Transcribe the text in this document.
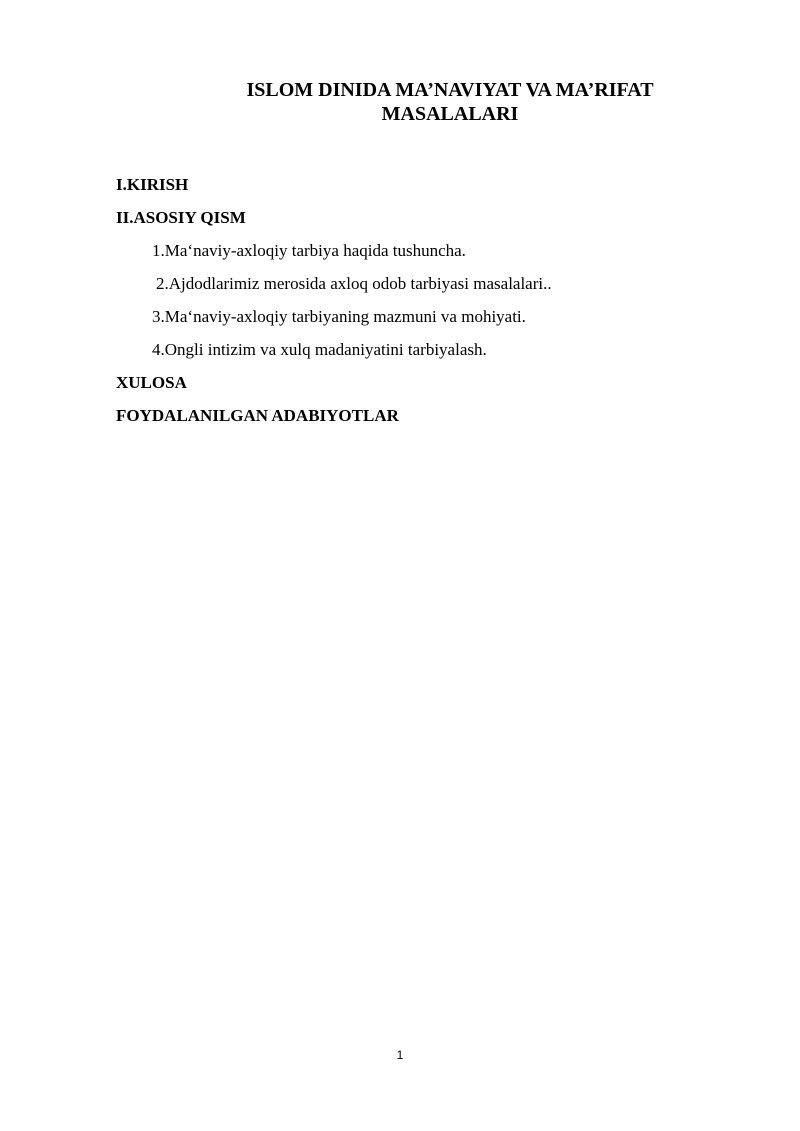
ISLOM DINIDA MA’NAVIYAT VA MA’RIFAT
MASALALARI
I.KIRISH
II.ASOSIY QISM
1.Ma‘naviy-axloqiy tarbiya haqida tushuncha.
2.Ajdodlarimiz merosida axloq odob tarbiyasi masalalari..
3.Ma‘naviy-axloqiy tarbiyaning mazmuni va mohiyati.
4.Ongli intizim va xulq madaniyatini tarbiyalash.
XULOSA
FOYDALANILGAN ADABIYOTLAR
1
